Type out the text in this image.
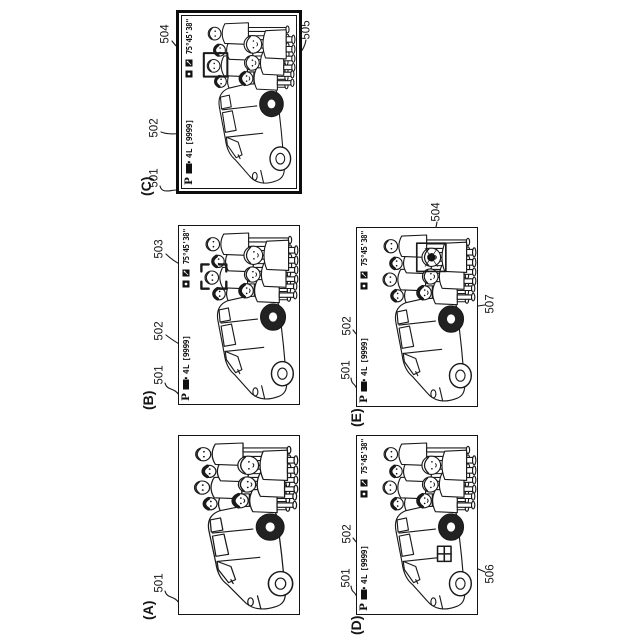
(A)
501
P
4L
[9999]
75°45'38"
(B)
501
502
503
P
4L
[9999]
75°45'38"
(C)
501
502
504	505
P
4L
[9999]
75°45'38"
(D)
501
502
506
P
4L
[9999]
75°45'38"
(E)
501
502
504
507
